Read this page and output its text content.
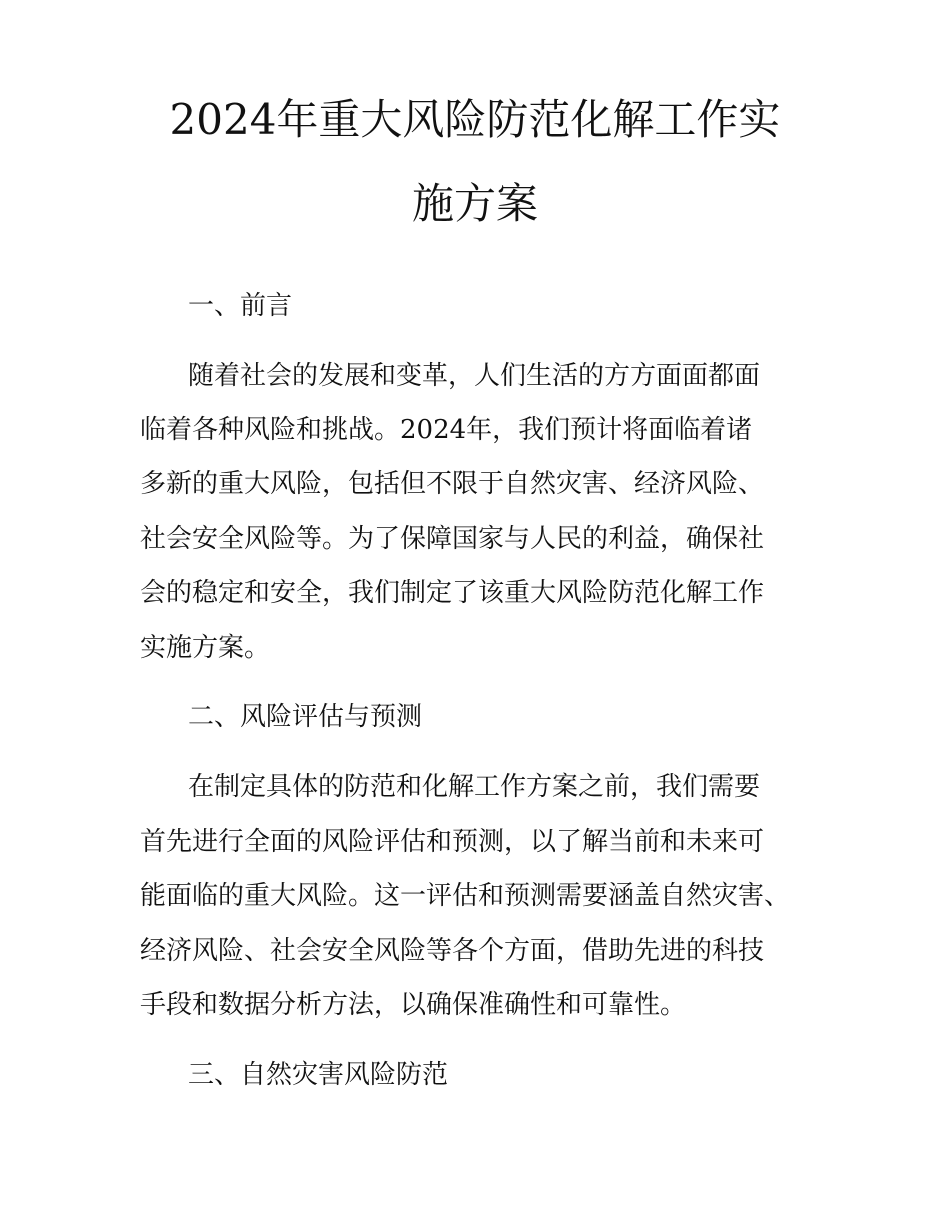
2024年重大风险防范化解工作实
施方案
一、前言
随着社会的发展和变革，人们生活的方方面面都面
临着各种风险和挑战。2024年，我们预计将面临着诸
多新的重大风险，包括但不限于自然灾害、经济风险、
社会安全风险等。为了保障国家与人民的利益，确保社
会的稳定和安全，我们制定了该重大风险防范化解工作
实施方案。
二、风险评估与预测
在制定具体的防范和化解工作方案之前，我们需要
首先进行全面的风险评估和预测，以了解当前和未来可
能面临的重大风险。这一评估和预测需要涵盖自然灾害、
经济风险、社会安全风险等各个方面，借助先进的科技
手段和数据分析方法，以确保准确性和可靠性。
三、自然灾害风险防范
